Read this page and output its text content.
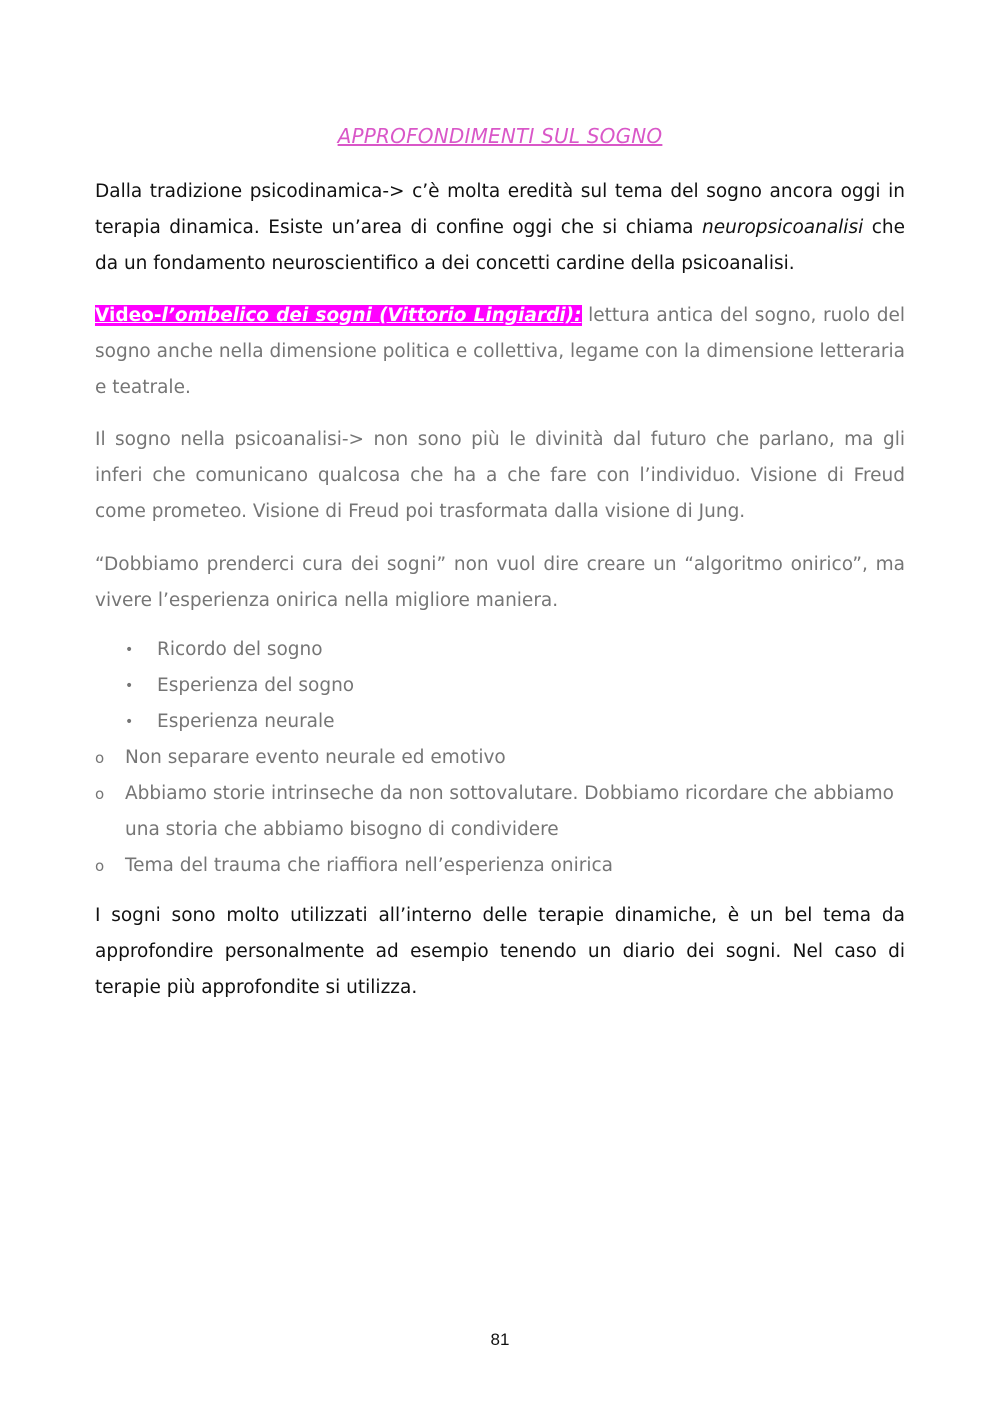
APPROFONDIMENTI SUL SOGNO

Dalla tradizione psicodinamica-> c’è molta eredità sul tema del sogno ancora oggi in terapia dinamica. Esiste un’area di confine oggi che si chiama neuropsicoanalisi che da un fondamento neuroscientifico a dei concetti cardine della psicoanalisi.

Video-l’ombelico dei sogni (Vittorio Lingiardi): lettura antica del sogno, ruolo del sogno anche nella dimensione politica e collettiva, legame con la dimensione letteraria e teatrale.

Il sogno nella psicoanalisi-> non sono più le divinità dal futuro che parlano, ma gli inferi che comunicano qualcosa che ha a che fare con l’individuo. Visione di Freud come prometeo. Visione di Freud poi trasformata dalla visione di Jung.

“Dobbiamo prenderci cura dei sogni” non vuol dire creare un “algoritmo onirico”, ma vivere l’esperienza onirica nella migliore maniera.

• Ricordo del sogno
• Esperienza del sogno
• Esperienza neurale
o Non separare evento neurale ed emotivo
o Abbiamo storie intrinseche da non sottovalutare. Dobbiamo ricordare che abbiamo una storia che abbiamo bisogno di condividere
o Tema del trauma che riaffiora nell’esperienza onirica

I sogni sono molto utilizzati all’interno delle terapie dinamiche, è un bel tema da approfondire personalmente ad esempio tenendo un diario dei sogni. Nel caso di terapie più approfondite si utilizza.

81
